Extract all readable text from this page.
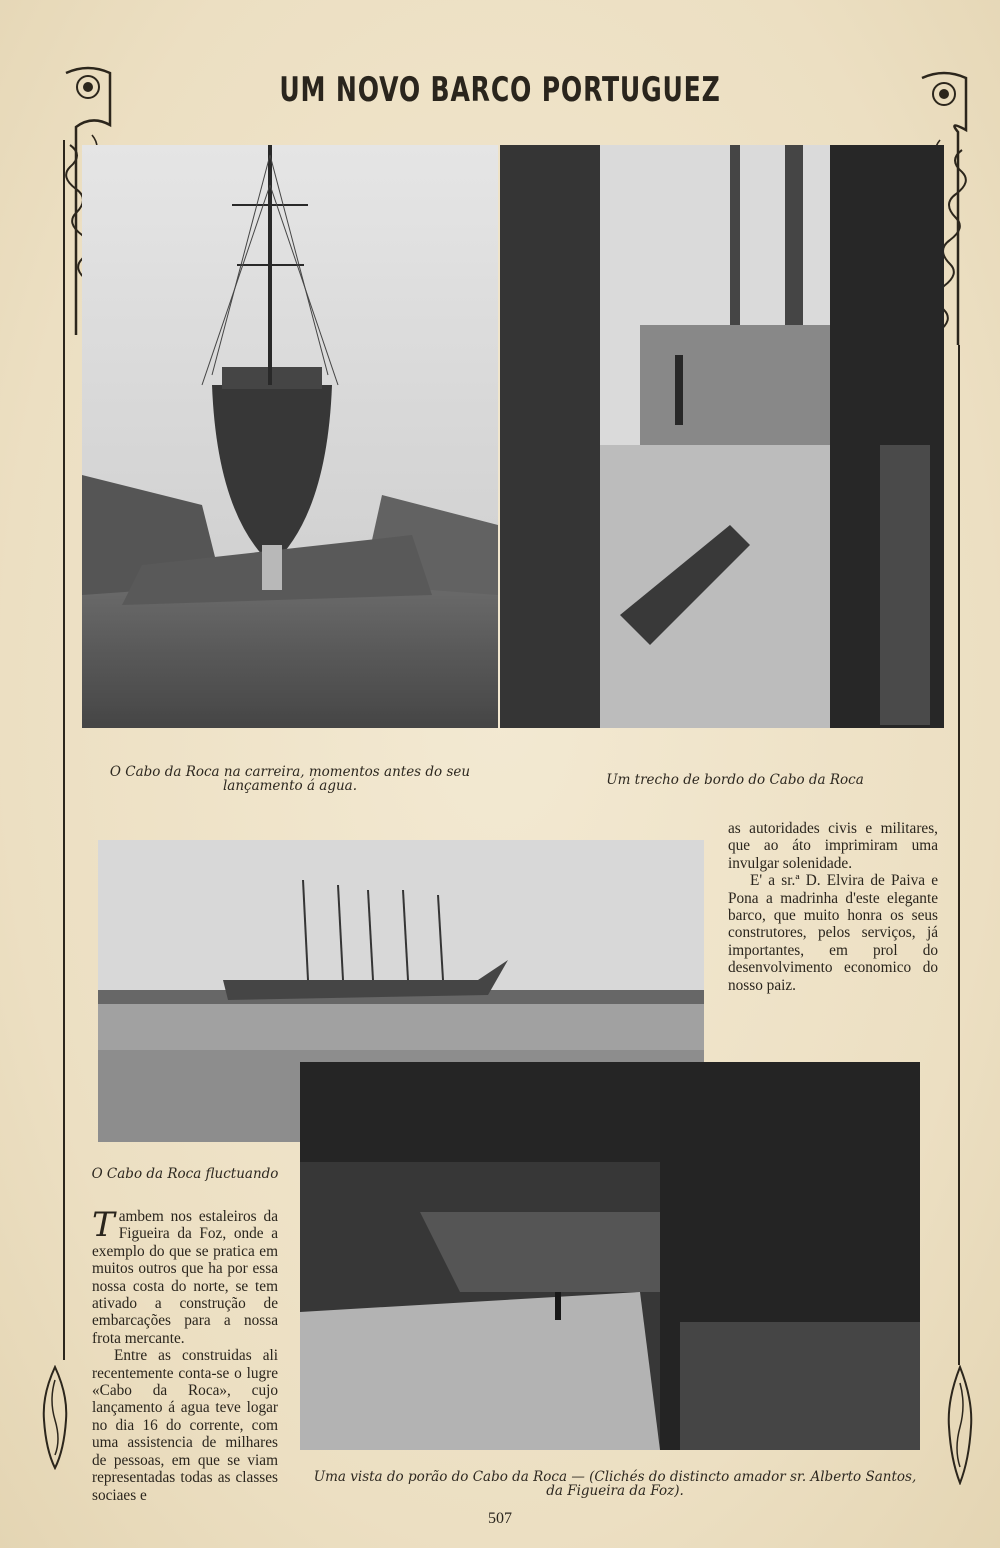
UM NOVO BARCO PORTUGUEZ
O Cabo da Roca na carreira, momentos antes do seu lançamento á agua.	Um trecho de bordo do Cabo da Roca
O Cabo da Roca fluctuando
Uma vista do porão do Cabo da Roca — (Clichés do distincto amador sr. Alberto Santos, da Figueira da Foz).

as autoridades civis e militares, que ao áto imprimiram uma invulgar solenidade.

E' a sr.ª D. Elvira de Paiva e Pona a madrinha d'este elegante barco, que muito honra os seus construtores, pelos serviços, já importantes, em prol do desenvolvimento economico do nosso paiz.

Tambem nos estaleiros da Figueira da Foz, onde a exemplo do que se pratica em muitos outros que ha por essa nossa costa do norte, se tem ativado a construção de embarcações para a nossa frota mercante.

Entre as construidas ali recentemente conta-se o lugre «Cabo da Roca», cujo lançamento á agua teve logar no dia 16 do corrente, com uma assistencia de milhares de pessoas, em que se viam representadas todas as classes sociaes e

507
